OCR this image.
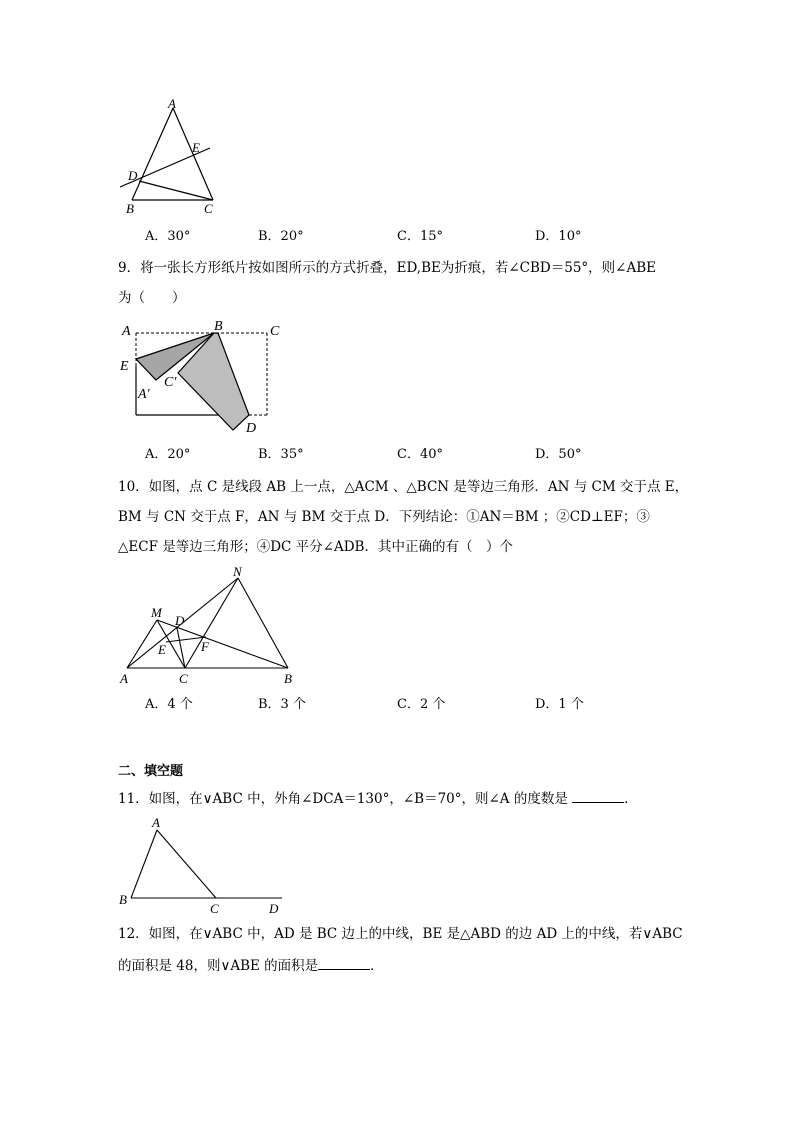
A
E
D
B	C
A．30°	B．20°	C．15°	D．10°
9．将一张长方形纸片按如图所示的方式折叠，ED,BE为折痕，若∠CBD＝55°，则∠ABE
为（　　）
A	B	C
E
C′
A′
D
A．20°	B．35°	C．40°	D．50°
10．如图，点 C 是线段 AB 上一点，△ACM 、△BCN 是等边三角形．AN 与 CM 交于点 E，
BM 与 CN 交于点 F，AN 与 BM 交于点 D．下列结论：①AN＝BM ；②CD⊥EF；③
△ECF 是等边三角形；④DC 平分∠ADB．其中正确的有（　）个
N
M
D
E	F
A	C	B
A．4 个	B．3 个	C．2 个	D．1 个
二、填空题
11．如图，在∨ABC 中，外角∠DCA＝130°，∠B＝70°，则∠A 的度数是	．
A
B
C	D
12．如图，在∨ABC 中，AD 是 BC 边上的中线，BE 是△ABD 的边 AD 上的中线，若∨ABC
的面积是 48，则∨ABE 的面积是	．
